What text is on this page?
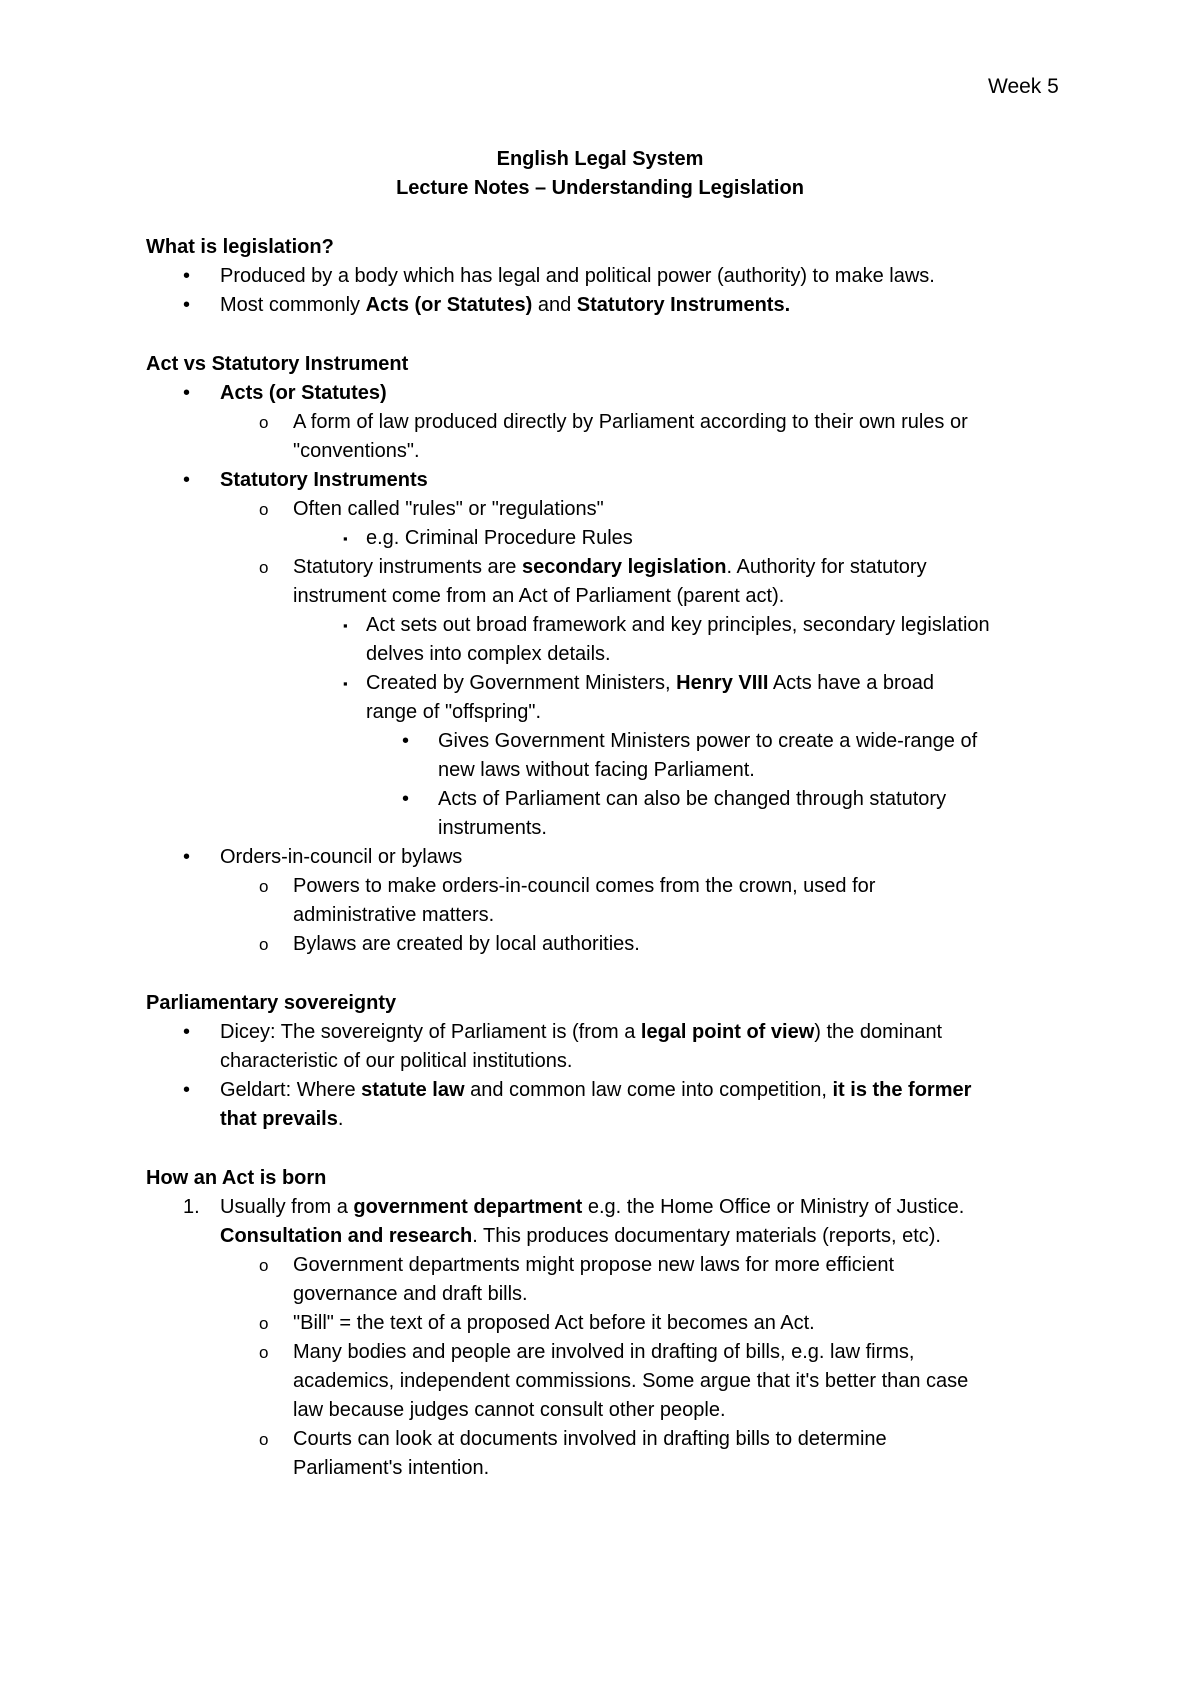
Week 5
English Legal System
Lecture Notes – Understanding Legislation
What is legislation?
• Produced by a body which has legal and political power (authority) to make laws.
• Most commonly Acts (or Statutes) and Statutory Instruments.
Act vs Statutory Instrument
• Acts (or Statutes)
o A form of law produced directly by Parliament according to their own rules or
"conventions".
• Statutory Instruments
o Often called "rules" or "regulations"
▪ e.g. Criminal Procedure Rules
o Statutory instruments are secondary legislation. Authority for statutory
instrument come from an Act of Parliament (parent act).
▪ Act sets out broad framework and key principles, secondary legislation
delves into complex details.
▪ Created by Government Ministers, Henry VIII Acts have a broad
range of "offspring".
• Gives Government Ministers power to create a wide-range of
new laws without facing Parliament.
• Acts of Parliament can also be changed through statutory
instruments.
• Orders-in-council or bylaws
o Powers to make orders-in-council comes from the crown, used for
administrative matters.
o Bylaws are created by local authorities.
Parliamentary sovereignty
• Dicey: The sovereignty of Parliament is (from a legal point of view) the dominant
characteristic of our political institutions.
• Geldart: Where statute law and common law come into competition, it is the former
that prevails.
How an Act is born
1. Usually from a government department e.g. the Home Office or Ministry of Justice.
Consultation and research. This produces documentary materials (reports, etc).
o Government departments might propose new laws for more efficient
governance and draft bills.
o "Bill" = the text of a proposed Act before it becomes an Act.
o Many bodies and people are involved in drafting of bills, e.g. law firms,
academics, independent commissions. Some argue that it's better than case
law because judges cannot consult other people.
o Courts can look at documents involved in drafting bills to determine
Parliament's intention.
